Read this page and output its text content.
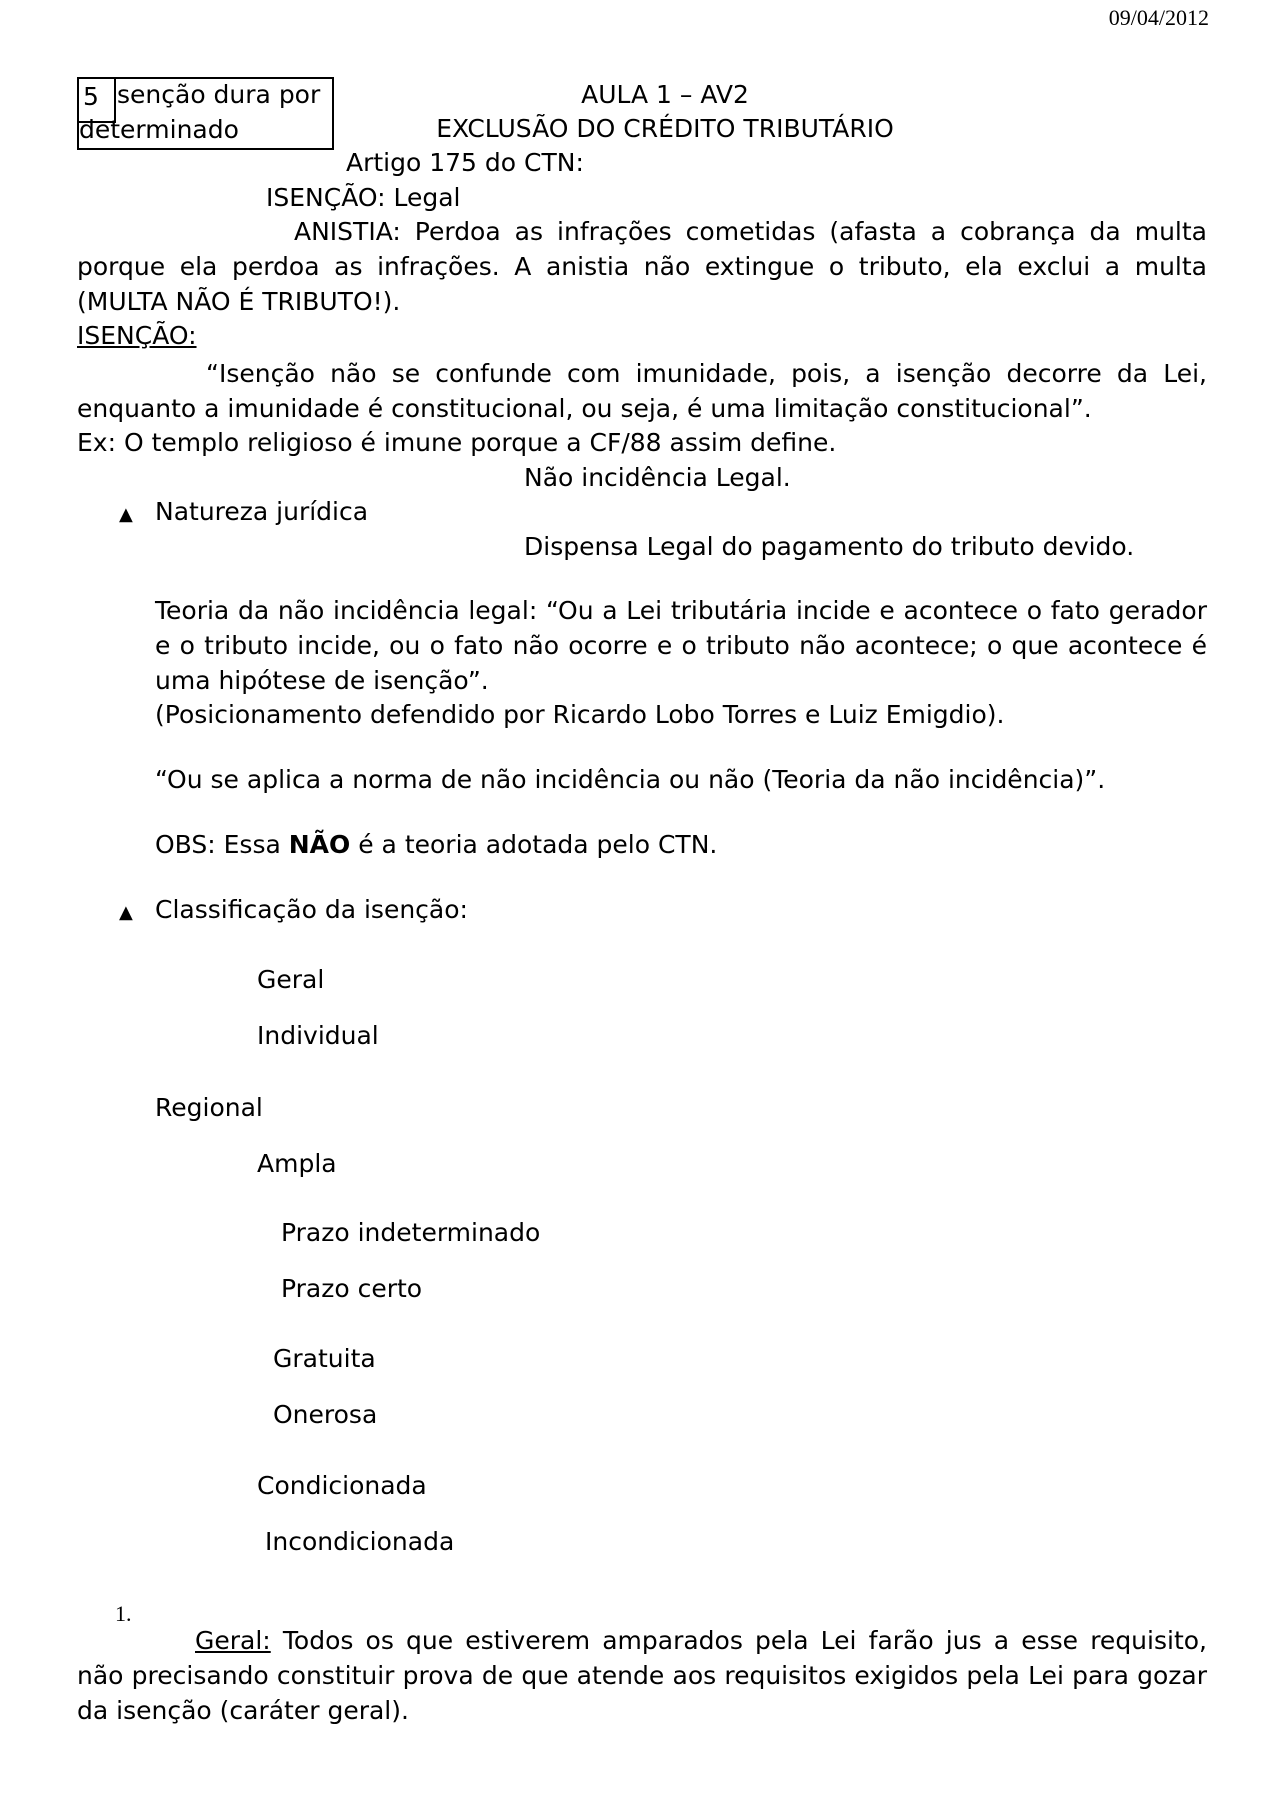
09/04/2012
5 senção dura por
determinado
AULA 1 – AV2
EXCLUSÃO DO CRÉDITO TRIBUTÁRIO
Artigo 175 do CTN:
ISENÇÃO: Legal
ANISTIA: Perdoa as infrações cometidas (afasta a cobrança da multa porque ela perdoa as infrações. A anistia não extingue o tributo, ela exclui a multa (MULTA NÃO É TRIBUTO!).
ISENÇÃO:
“Isenção não se confunde com imunidade, pois, a isenção decorre da Lei, enquanto a imunidade é constitucional, ou seja, é uma limitação constitucional”.
Ex: O templo religioso é imune porque a CF/88 assim define.
Não incidência Legal.
▲ Natureza jurídica
Dispensa Legal do pagamento do tributo devido.
Teoria da não incidência legal: “Ou a Lei tributária incide e acontece o fato gerador e o tributo incide, ou o fato não ocorre e o tributo não acontece; o que acontece é uma hipótese de isenção”.
(Posicionamento defendido por Ricardo Lobo Torres e Luiz Emigdio).
“Ou se aplica a norma de não incidência ou não (Teoria da não incidência)”.
OBS: Essa NÃO é a teoria adotada pelo CTN.
▲ Classificação da isenção:
Geral
Individual
Regional
Ampla
Prazo indeterminado
Prazo certo
Gratuita
Onerosa
Condicionada
Incondicionada
1.
Geral: Todos os que estiverem amparados pela Lei farão jus a esse requisito, não precisando constituir prova de que atende aos requisitos exigidos pela Lei para gozar da isenção (caráter geral).
